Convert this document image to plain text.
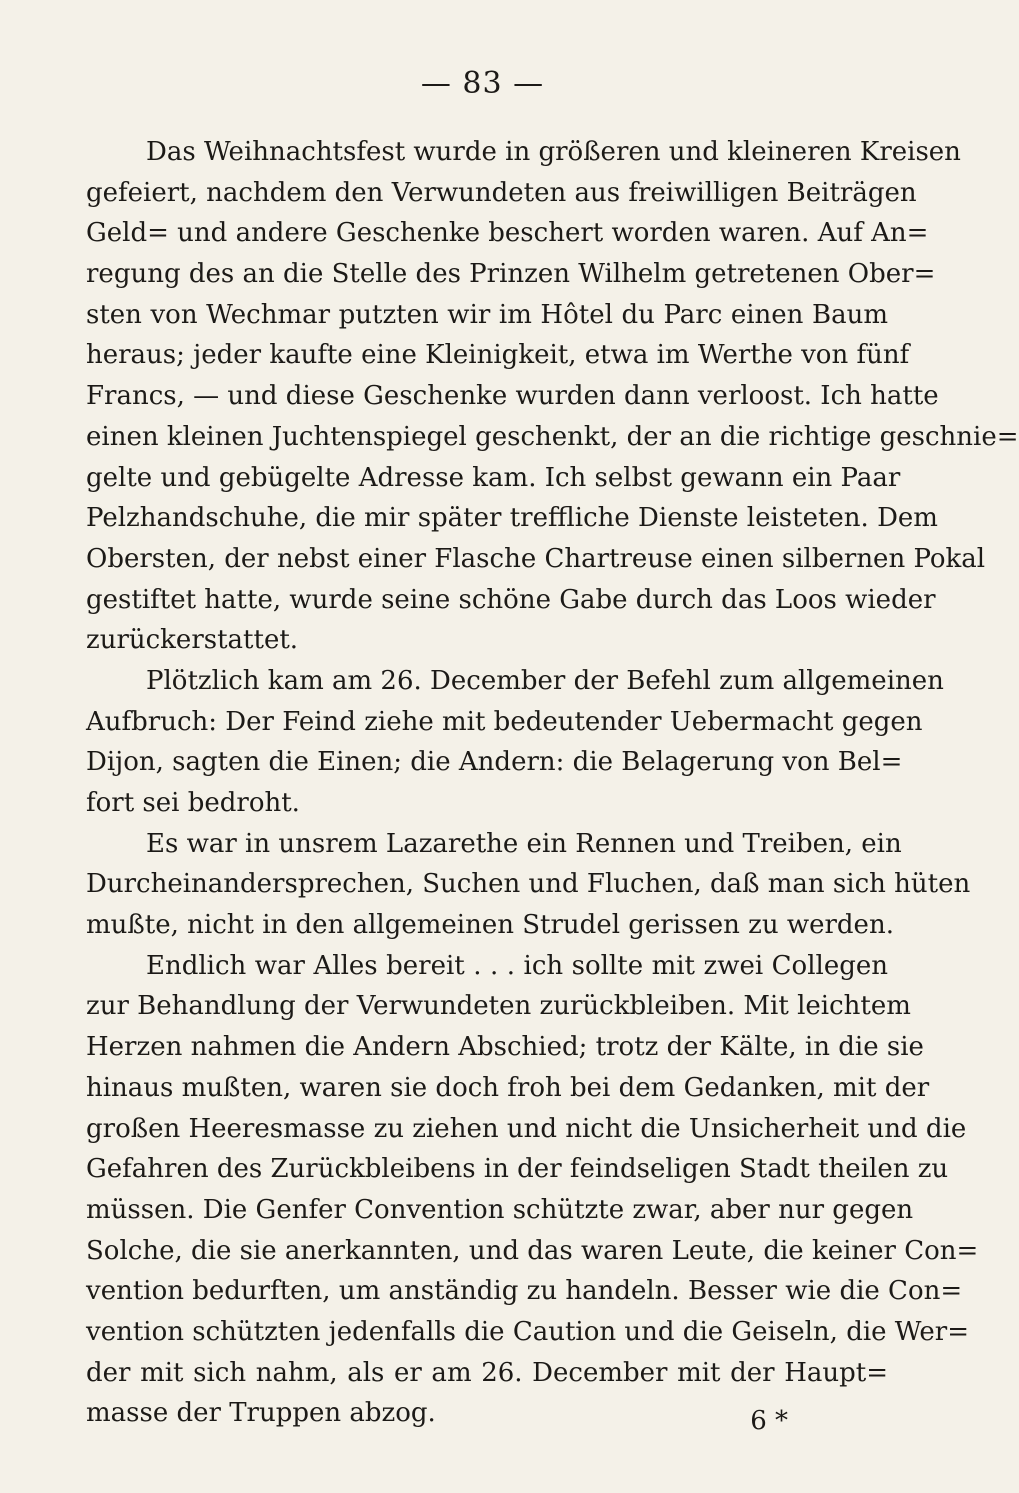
— 83 —
Das Weihnachtsfest wurde in größeren und kleineren Kreisen
gefeiert, nachdem den Verwundeten aus freiwilligen Beiträgen
Geld= und andere Geschenke beschert worden waren. Auf An=
regung des an die Stelle des Prinzen Wilhelm getretenen Ober=
sten von Wechmar putzten wir im Hôtel du Parc einen Baum
heraus; jeder kaufte eine Kleinigkeit, etwa im Werthe von fünf
Francs, — und diese Geschenke wurden dann verloost. Ich hatte
einen kleinen Juchtenspiegel geschenkt, der an die richtige geschnie=
gelte und gebügelte Adresse kam. Ich selbst gewann ein Paar
Pelzhandschuhe, die mir später treffliche Dienste leisteten. Dem
Obersten, der nebst einer Flasche Chartreuse einen silbernen Pokal
gestiftet hatte, wurde seine schöne Gabe durch das Loos wieder
zurückerstattet.
Plötzlich kam am 26. December der Befehl zum allgemeinen
Aufbruch: Der Feind ziehe mit bedeutender Uebermacht gegen
Dijon, sagten die Einen; die Andern: die Belagerung von Bel=
fort sei bedroht.
Es war in unsrem Lazarethe ein Rennen und Treiben, ein
Durcheinandersprechen, Suchen und Fluchen, daß man sich hüten
mußte, nicht in den allgemeinen Strudel gerissen zu werden.
Endlich war Alles bereit . . . ich sollte mit zwei Collegen
zur Behandlung der Verwundeten zurückbleiben. Mit leichtem
Herzen nahmen die Andern Abschied; trotz der Kälte, in die sie
hinaus mußten, waren sie doch froh bei dem Gedanken, mit der
großen Heeresmasse zu ziehen und nicht die Unsicherheit und die
Gefahren des Zurückbleibens in der feindseligen Stadt theilen zu
müssen. Die Genfer Convention schützte zwar, aber nur gegen
Solche, die sie anerkannten, und das waren Leute, die keiner Con=
vention bedurften, um anständig zu handeln. Besser wie die Con=
vention schützten jedenfalls die Caution und die Geiseln, die Wer=
der mit sich nahm, als er am 26. December mit der Haupt=
masse der Truppen abzog.	6 *
